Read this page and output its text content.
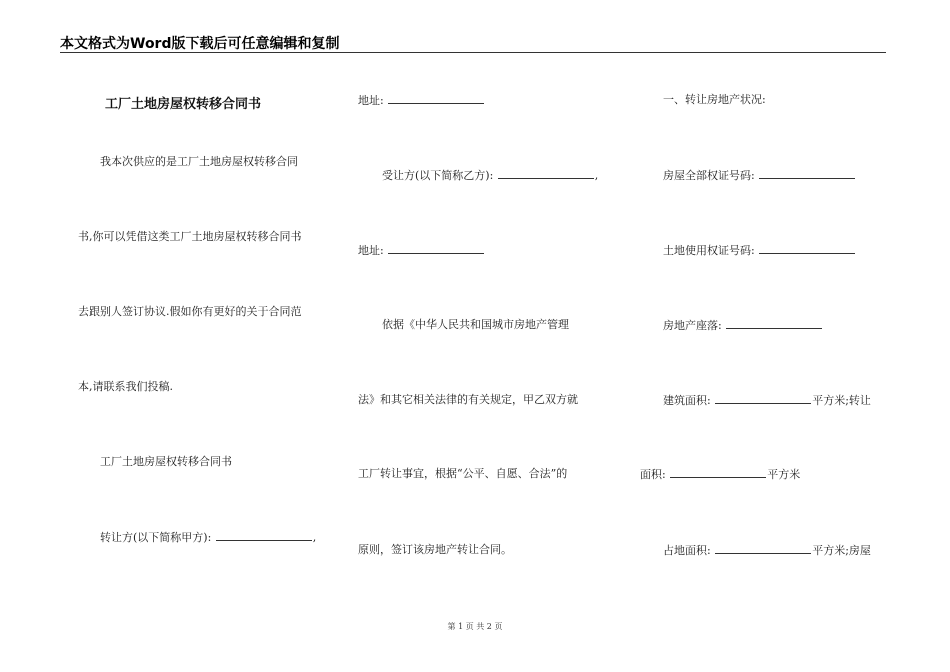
本文格式为Word版下载后可任意编辑和复制
工厂土地房屋权转移合同书
我本次供应的是工厂土地房屋权转移合同
书,你可以凭借这类工厂土地房屋权转移合同书
去跟别人签订协议.假如你有更好的关于合同范
本,请联系我们投稿.
工厂土地房屋权转移合同书
转让方(以下简称甲方):	,
地址:
受让方(以下简称乙方):	,
地址:
依据《中华人民共和国城市房地产管理
法》和其它相关法律的有关规定，甲乙双方就
工厂转让事宜，根据“公平、自愿、合法”的
原则，签订该房地产转让合同。
一、转让房地产状况:
房屋全部权证号码:
土地使用权证号码:
房地产座落:
建筑面积:	平方米;转让
面积:	平方米
占地面积:	平方米;房屋
第 1 页 共 2 页
